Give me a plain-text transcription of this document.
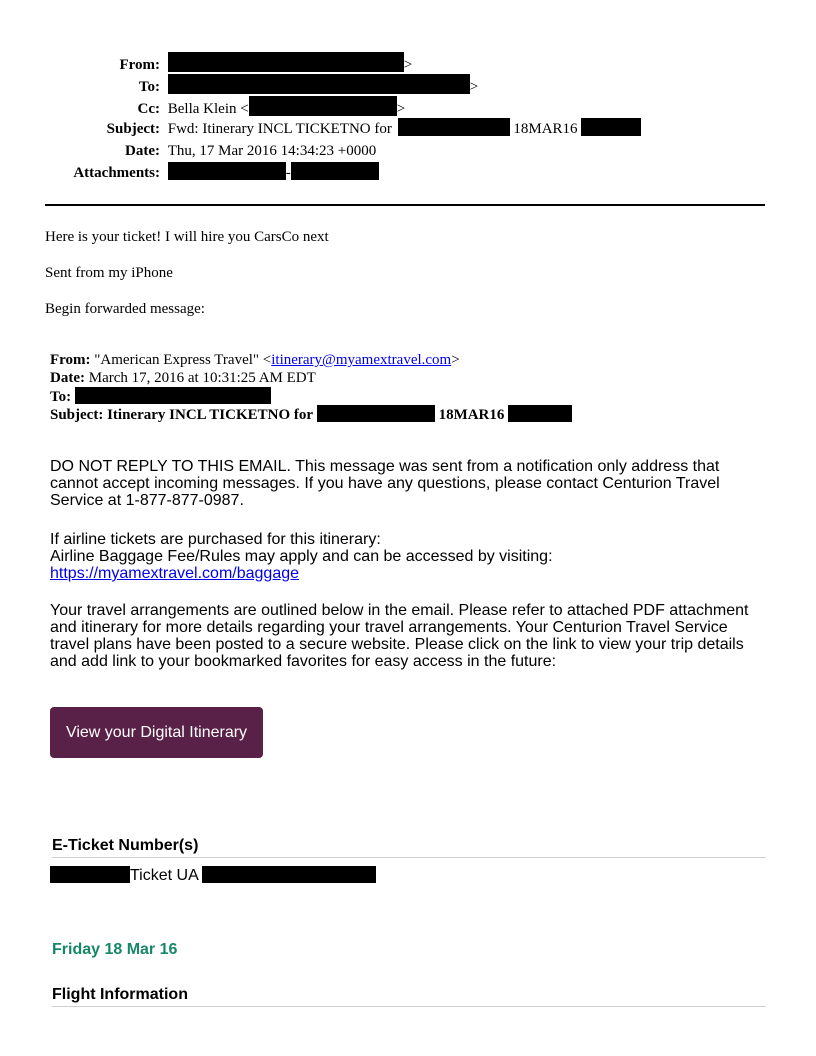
From:	>
To:	>
Cc: Bella Klein <	>
Subject: Fwd: Itinerary INCL TICKETNO for	18MAR16
Date: Thu, 17 Mar 2016 14:34:23 +0000
Attachments:	-
Here is your ticket! I will hire you CarsCo next
Sent from my iPhone
Begin forwarded message:
From: "American Express Travel" <itinerary@myamextravel.com>
Date: March 17, 2016 at 10:31:25 AM EDT
To:
Subject: Itinerary INCL TICKETNO for	18MAR16
DO NOT REPLY TO THIS EMAIL. This message was sent from a notification only address that cannot accept incoming messages. If you have any questions, please contact Centurion Travel Service at 1-877-877-0987.
If airline tickets are purchased for this itinerary:
Airline Baggage Fee/Rules may apply and can be accessed by visiting:
https://myamextravel.com/baggage
Your travel arrangements are outlined below in the email. Please refer to attached PDF attachment and itinerary for more details regarding your travel arrangements. Your Centurion Travel Service travel plans have been posted to a secure website. Please click on the link to view your trip details and add link to your bookmarked favorites for easy access in the future:
View your Digital Itinerary
E-Ticket Number(s)
Ticket UA
Friday 18 Mar 16
Flight Information
